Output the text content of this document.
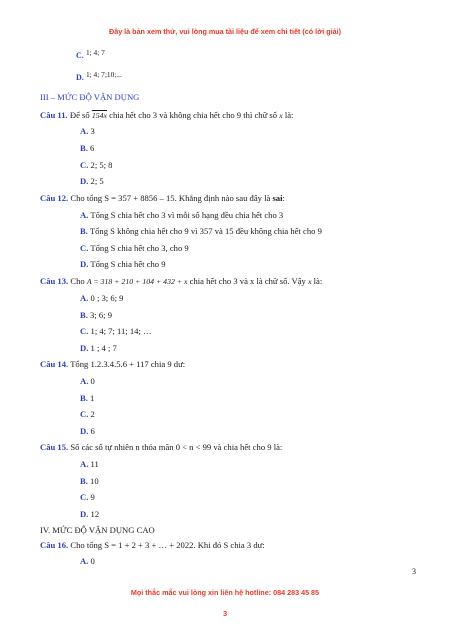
Đây là bản xem thử, vui lòng mua tài liệu để xem chi tiết (có lời giải)
C. 1; 4; 7
D. 1; 4; 7;10;...
III – MỨC ĐỘ VẬN DỤNG
Câu 11. Để số 154x chia hết cho 3 và không chia hết cho 9 thì chữ số x là:
A. 3
B. 6
C. 2; 5; 8
D. 2; 5
Câu 12. Cho tổng S = 357 + 8856 – 15. Khẳng định nào sau đây là sai:
A. Tổng S chia hết cho 3 vì mỗi số hạng đều chia hết cho 3
B. Tổng S không chia hết cho 9 vì 357 và 15 đều không chia hết cho 9
C. Tổng S chia hết cho 3, cho 9
D. Tổng S chia hết cho 9
Câu 13. Cho A = 318 + 210 + 104 + 432 + x chia hết cho 3 và x là chữ số. Vậy x là:
A. 0 ; 3; 6; 9
B. 3; 6; 9
C. 1; 4; 7; 11; 14; …
D. 1 ; 4 ; 7
Câu 14. Tổng 1.2.3.4.5.6 + 117 chia 9 dư:
A. 0
B. 1
C. 2
D. 6
Câu 15. Số các số tự nhiên n thỏa mãn 0 < n < 99 và chia hết cho 9 là:
A. 11
B. 10
C. 9
D. 12
IV. MỨC ĐỘ VẬN DỤNG CAO
Câu 16. Cho tổng S = 1 + 2 + 3 + … + 2022. Khi đó S chia 3 dư:
A. 0
3
Mọi thắc mắc vui lòng xin liên hệ hotline: 084 283 45 85
3
